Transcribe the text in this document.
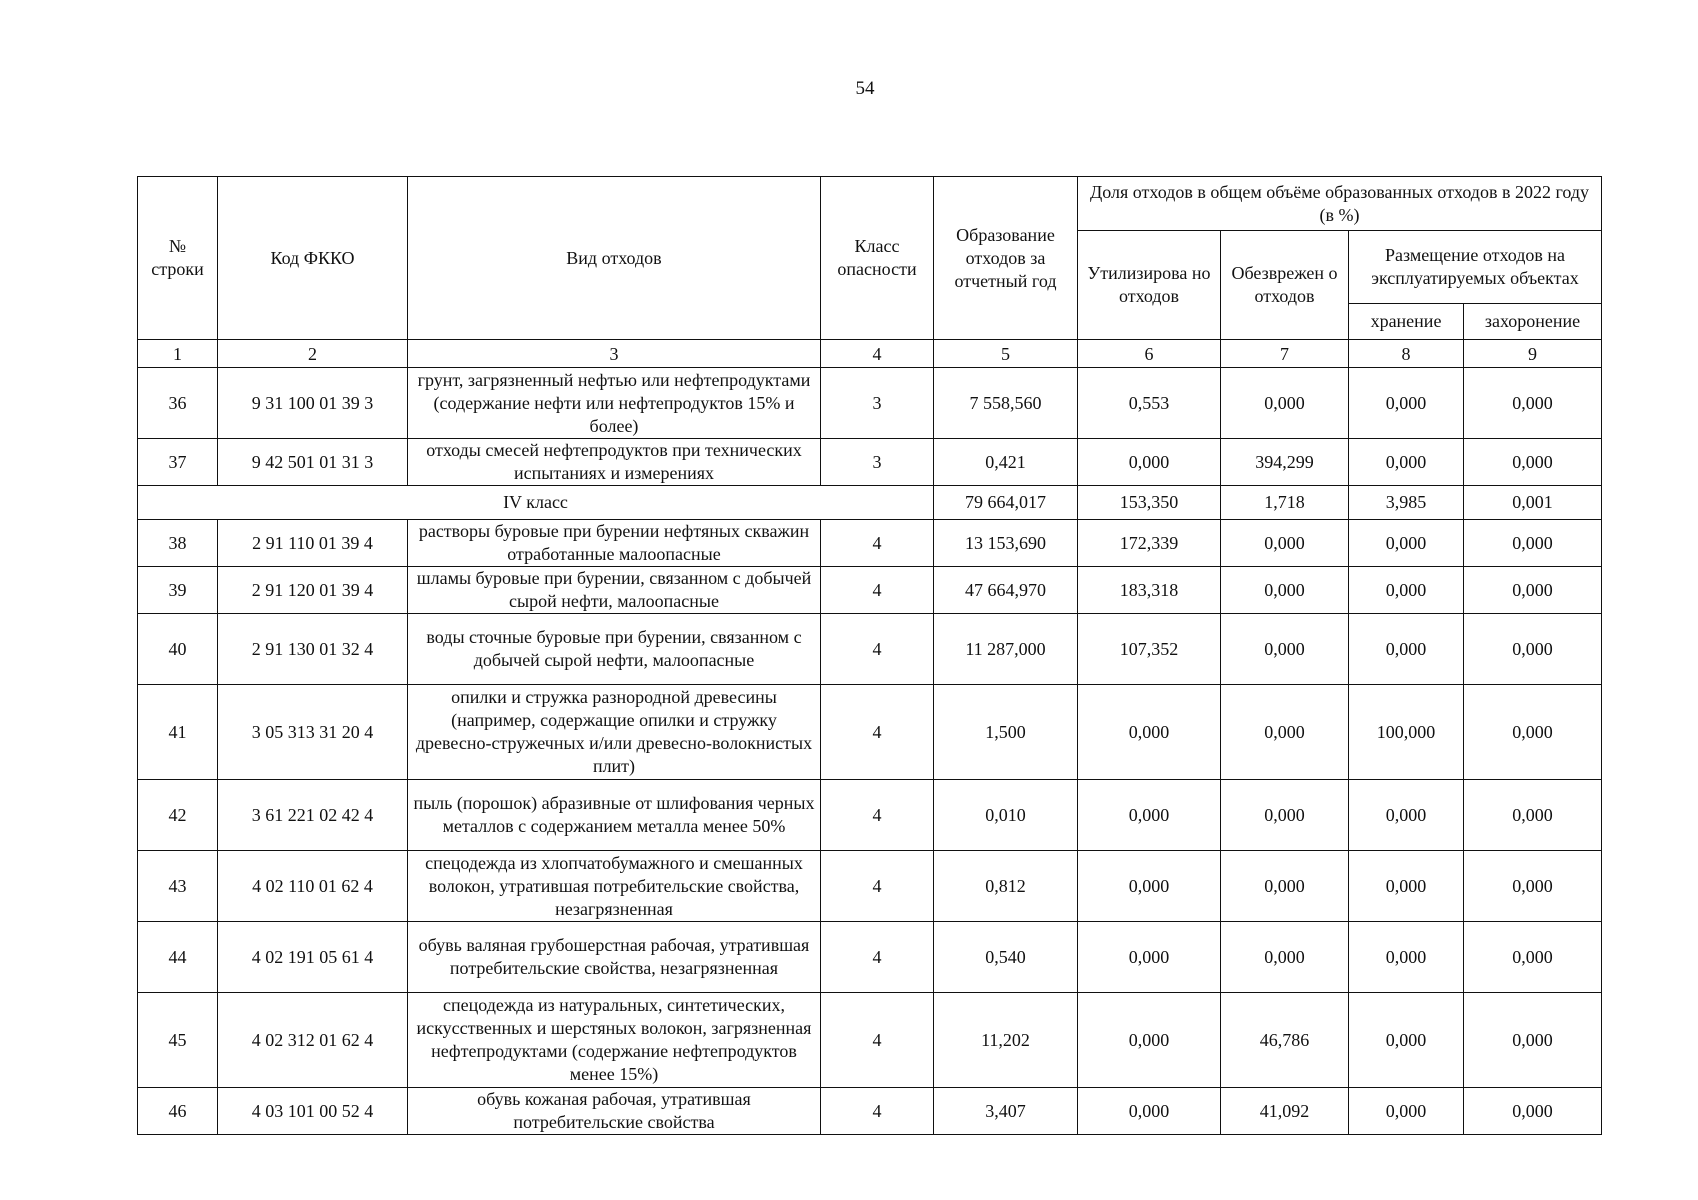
54
№ строки	Код ФККО	Вид отходов	Класс опасности	Образование отходов за отчетный год	Доля отходов в общем объёме образованных отходов в 2022 году (в %)			
					Утилизирова но отходов	Обезврежен о отходов	Размещение отходов на эксплуатируемых объектах	
							хранение	захоронение
1	2	3	4	5	6	7	8	9
36	9 31 100 01 39 3	грунт, загрязненный нефтью или нефтепродуктами (содержание нефти или нефтепродуктов 15% и более)	3	7 558,560	0,553	0,000	0,000	0,000
37	9 42 501 01 31 3	отходы смесей нефтепродуктов при технических испытаниях и измерениях	3	0,421	0,000	394,299	0,000	0,000
IV класс				79 664,017	153,350	1,718	3,985	0,001
38	2 91 110 01 39 4	растворы буровые при бурении нефтяных скважин отработанные малоопасные	4	13 153,690	172,339	0,000	0,000	0,000
39	2 91 120 01 39 4	шламы буровые при бурении, связанном с добычей сырой нефти, малоопасные	4	47 664,970	183,318	0,000	0,000	0,000
40	2 91 130 01 32 4	воды сточные буровые при бурении, связанном с добычей сырой нефти, малоопасные	4	11 287,000	107,352	0,000	0,000	0,000
41	3 05 313 31 20 4	опилки и стружка разнородной древесины (например, содержащие опилки и стружку древесно-стружечных и/или древесно-волокнистых плит)	4	1,500	0,000	0,000	100,000	0,000
42	3 61 221 02 42 4	пыль (порошок) абразивные от шлифования черных металлов с содержанием металла менее 50%	4	0,010	0,000	0,000	0,000	0,000
43	4 02 110 01 62 4	спецодежда из хлопчатобумажного и смешанных волокон, утратившая потребительские свойства, незагрязненная	4	0,812	0,000	0,000	0,000	0,000
44	4 02 191 05 61 4	обувь валяная грубошерстная рабочая, утратившая потребительские свойства, незагрязненная	4	0,540	0,000	0,000	0,000	0,000
45	4 02 312 01 62 4	спецодежда из натуральных, синтетических, искусственных и шерстяных волокон, загрязненная нефтепродуктами (содержание нефтепродуктов менее 15%)	4	11,202	0,000	46,786	0,000	0,000
46	4 03 101 00 52 4	обувь кожаная рабочая, утратившая потребительские свойства	4	3,407	0,000	41,092	0,000	0,000
